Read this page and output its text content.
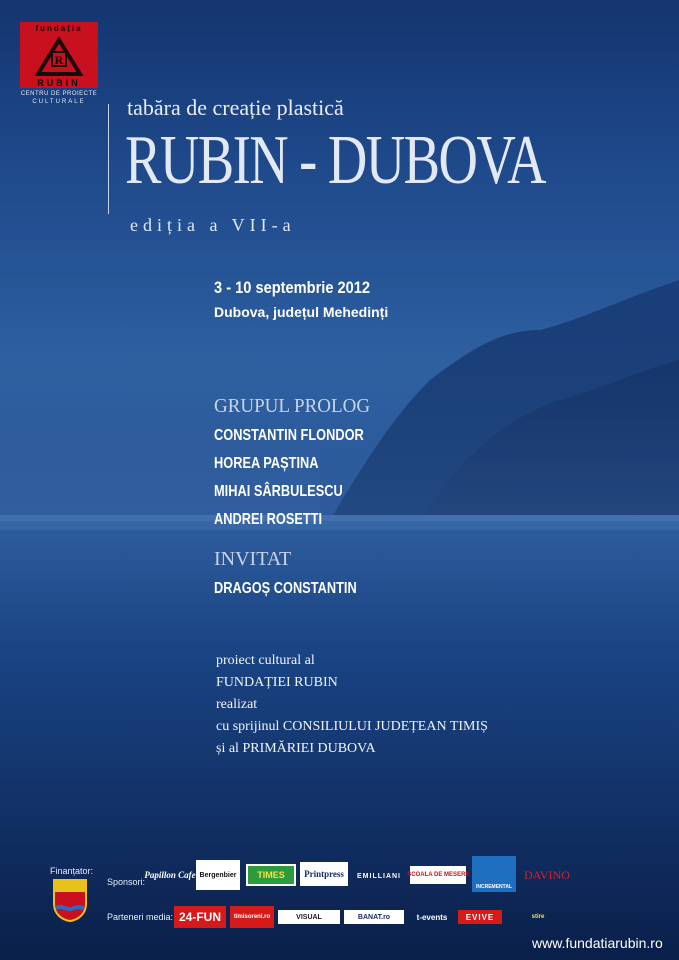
R
fundația
RUBIN
CENTRU DE PROIECTE
CULTURALE	tabăra de creație plastică
RUBIN - DUBOVA
ediția a VII-a
3 - 10 septembrie 2012
Dubova, județul Mehedinți
GRUPUL PROLOG
CONSTANTIN FLONDOR
HOREA PAȘTINA
MIHAI SÂRBULESCU
ANDREI ROSETTI
INVITAT
DRAGOȘ CONSTANTIN
proiect cultural al
FUNDAȚIEI RUBIN
realizat
cu sprijinul CONSILIULUI JUDEȚEAN TIMIȘ
și al PRIMĂRIEI DUBOVA
Finanțator:
Sponsori:
Papillon Cafe Bergenbier	TIMES	Printpress	EMILLIANI	SCOALA DE MESERII
INCREMENTAL
DAVINO
Parteneri media: 24-FUN	timisoreni.ro	VISUAL	BANAT.ro	t-events	EVIVE	stire
www.fundatiarubin.ro
